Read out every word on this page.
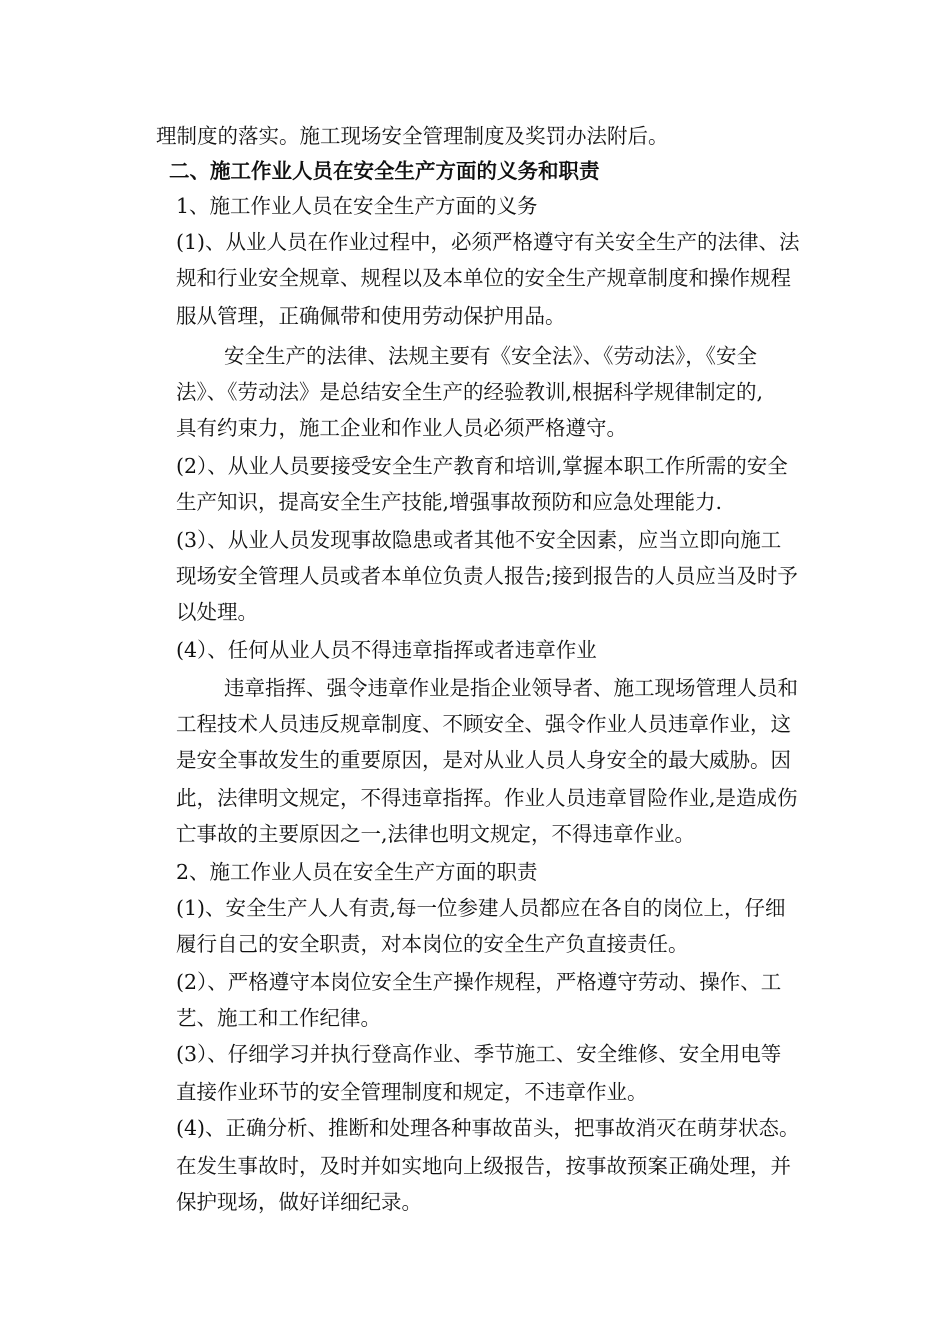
理制度的落实。施工现场安全管理制度及奖罚办法附后。
二、施工作业人员在安全生产方面的义务和职责
1、施工作业人员在安全生产方面的义务
(1)、从业人员在作业过程中，必须严格遵守有关安全生产的法律、法
规和行业安全规章、规程以及本单位的安全生产规章制度和操作规程
服从管理，正确佩带和使用劳动保护用品。
安全生产的法律、法规主要有《安全法》、《劳动法》，《安全
法》、《劳动法》是总结安全生产的经验教训,根据科学规律制定的,
具有约束力，施工企业和作业人员必须严格遵守。
(2）、从业人员要接受安全生产教育和培训,掌握本职工作所需的安全
生产知识，提高安全生产技能,增强事故预防和应急处理能力.
(3）、从业人员发现事故隐患或者其他不安全因素，应当立即向施工
现场安全管理人员或者本单位负责人报告;接到报告的人员应当及时予
以处理。
(4）、任何从业人员不得违章指挥或者违章作业
违章指挥、强令违章作业是指企业领导者、施工现场管理人员和
工程技术人员违反规章制度、不顾安全、强令作业人员违章作业，这
是安全事故发生的重要原因，是对从业人员人身安全的最大威胁。因
此，法律明文规定，不得违章指挥。作业人员违章冒险作业,是造成伤
亡事故的主要原因之一,法律也明文规定，不得违章作业。
2、施工作业人员在安全生产方面的职责
(1)、安全生产人人有责,每一位参建人员都应在各自的岗位上，仔细
履行自己的安全职责，对本岗位的安全生产负直接责任。
(2）、严格遵守本岗位安全生产操作规程，严格遵守劳动、操作、工
艺、施工和工作纪律。
(3）、仔细学习并执行登高作业、季节施工、安全维修、安全用电等
直接作业环节的安全管理制度和规定，不违章作业。
(4)、正确分析、推断和处理各种事故苗头，把事故消灭在萌芽状态。
在发生事故时，及时并如实地向上级报告，按事故预案正确处理，并
保护现场，做好详细纪录。
